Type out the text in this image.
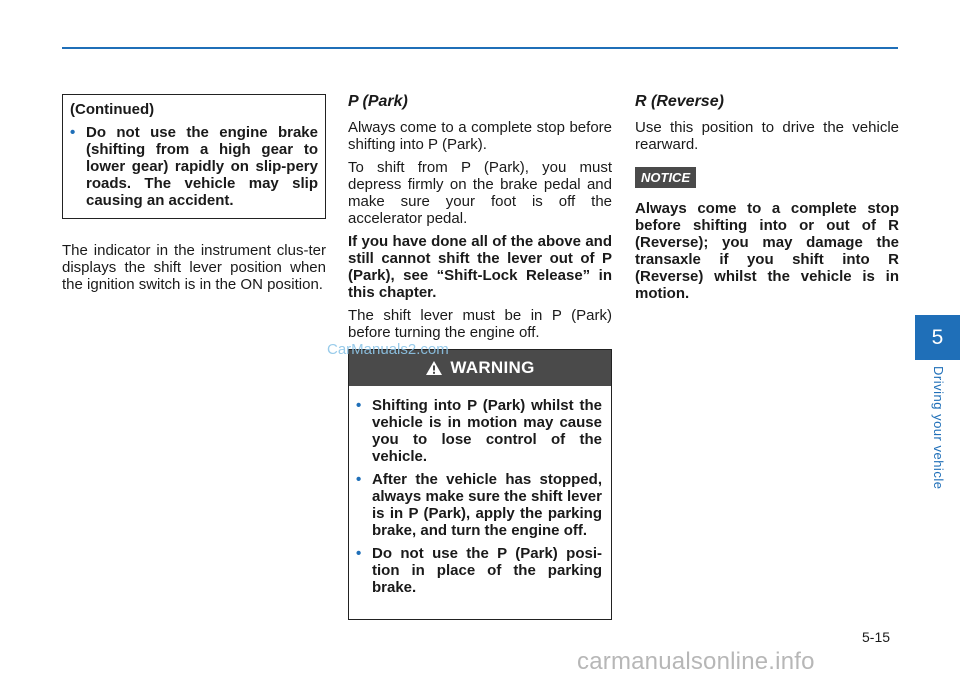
(Continued)
• Do not use the engine brake (shifting from a high gear to lower gear) rapidly on slip-pery roads. The vehicle may slip causing an accident.

The indicator in the instrument clus-ter displays the shift lever position when the ignition switch is in the ON position.

P (Park)

Always come to a complete stop before shifting into P (Park).

To shift from P (Park), you must depress firmly on the brake pedal and make sure your foot is off the accelerator pedal.

If you have done all of the above and still cannot shift the lever out of P (Park), see “Shift-Lock Release” in this chapter.

The shift lever must be in P (Park) before turning the engine off.

WARNING
• Shifting into P (Park) whilst the vehicle is in motion may cause you to lose control of the vehicle.
• After the vehicle has stopped, always make sure the shift lever is in P (Park), apply the parking brake, and turn the engine off.
• Do not use the P (Park) posi-tion in place of the parking brake.
CarManuals2.com
R (Reverse)

Use this position to drive the vehicle rearward.

NOTICE

Always come to a complete stop before shifting into or out of R (Reverse); you may damage the transaxle if you shift into R (Reverse) whilst the vehicle is in motion.

5
Driving your vehicle
5-15
carmanualsonline.info
